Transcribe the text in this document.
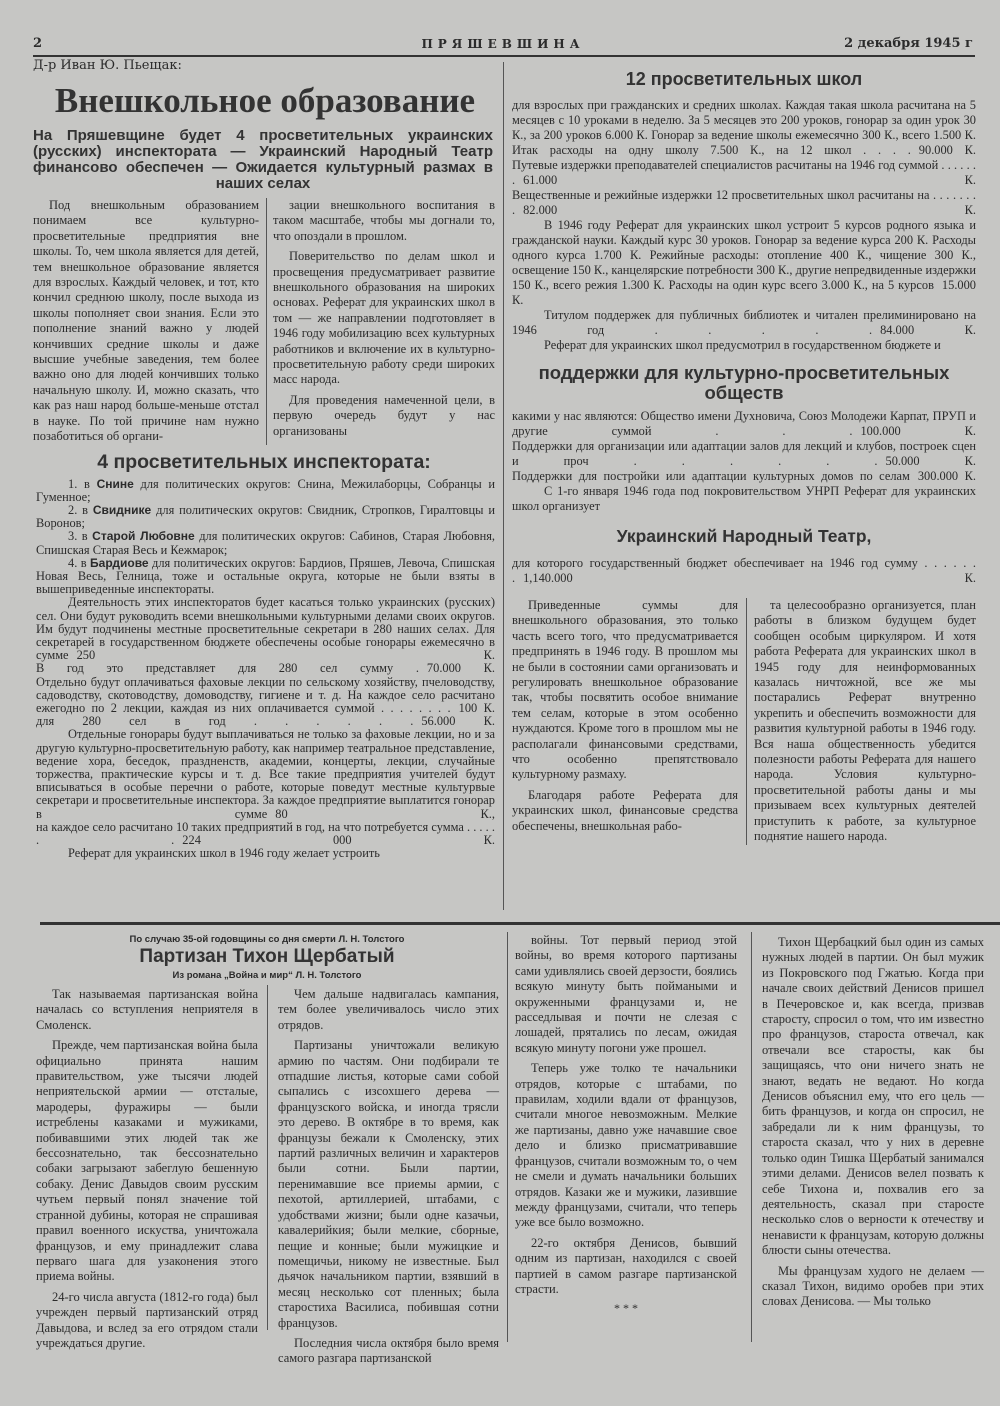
2	ПРЯШЕВШИНА	2 декабря 1945 г
Д-р Иван Ю. Пьещак:
Внешкольное образование
На Пряшевщине будет 4 просветительных украинских (русских) инспектората — Украинский Народный Театр финансово обеспечен — Ожидается культурный размах в наших селах

Под внешкольным образованием понимаем все культурно-просветительные предприятия вне школы. То, чем школа является для детей, тем внешкольное образование является для взрослых. Каждый человек, и тот, кто кончил среднюю школу, после выхода из школы пополняет свои знания. Если это пополнение знаний важно у людей кончивших средние школы и даже высшие учебные заведения, тем более важно оно для людей кончивших только начальную школу. И, можно сказать, что как раз наш народ больше-меньше отстал в науке. По той причине нам нужно позаботиться об органи-

зации внешкольного воспитания в таком масштабе, чтобы мы догнали то, что опоздали в прошлом.

Поверительство по делам школ и просвещения предусматривает развитие внешкольного образования на широких основах. Реферат для украинских школ в том — же направлении подготовляет в 1946 году мобилизацию всех культурных работников и включение их в культурно-просветительную работу среди широких масс народа.

Для проведения намеченной цели, в первую очередь будут у нас организованы

4 просветительных инспектората:
1. в Снине для политических округов: Снина, Межилаборцы, Собранцы и Гуменное;
2. в Свиднике для политических округов: Свидник, Стропков, Гиралтовцы и Воронов;
3. в Старой Любовне для политических округов: Сабинов, Старая Любовня, Спишская Старая Весь и Кежмарок;
4. в Бардиове для политических округов: Бардиов, Пряшев, Левоча, Спишская Новая Весь, Гелница, тоже и остальные округа, которые не были взяты в вышеприведенные инспектораты.
Деятельность этих инспекторатов будет касаться только украинских (русских) сел. Они будут руководить всеми внешкольными культурными делами своих округов. Им будут подчинены местные просветительные секретари в 280 наших селах. Для секретарей в государственном бюджете обеспечены особые гонорары ежемесячно в сумме 250 К.
В год это представляет для 280 сел сумму . 70.000 К.
Отдельно будут оплачиваться фаховые лекции по сельскому хозяйству, пчеловодству, садоводству, скотоводству, домоводству, гигиене и т. д. На каждое село расчитано ежегодно по 2 лекции, каждая из них оплачивается суммой . . . . . . . . 100 К.
для 280 сел в год . . . . . . 56.000 К.
Отдельные гонорары будут выплачиваться не только за фаховые лекции, но и за другую культурно-просветительную работу, как например театральное представление, ведение хора, беседок, праздненств, академии, концерты, лекции, случайные торжества, практические курсы и т. д. Все такие предприятия учителей будут вписываться в особые перечни о работе, которые поведут местные культурвые секретари и просветительные инспектора. За каждое предприятие выплатится гонорар в сумме 80 К.,
на каждое село расчитано 10 таких предприятий в год, на что потребуется сумма . . . . . . . 224 000 К.

Реферат для украинских школ в 1946 году желает устроить

12 просветительных школ
для взрослых при гражданских и средних школах. Каждая такая школа расчитана на 5 месяцев с 10 уроками в неделю. За 5 месяцев это 200 уроков, гонорар за один урок 30 К., за 200 уроков 6.000 К. Гонорар за ведение школы ежемесячно 300 К., всего 1.500 К. Итак расходы на одну школу 7.500 К., на 12 школ . . . . 90.000 К.
Путевые издержки преподавателей специалистов расчитаны на 1946 год суммой . . . . . . . 61.000 К.
Вещественные и режийные издержки 12 просветительных школ расчитаны на . . . . . . . . 82.000 К.
В 1946 году Реферат для украинских школ устроит 5 курсов родного языка и гражданской науки. Каждый курс 30 уроков. Гонорар за ведение курса 200 К. Расходы одного курса 1.700 К. Режийные расходы: отопление 400 К., чищение 300 К., освещение 150 К., канцелярские потребности 300 К., другие непредвиденные издержки 150 К., всего режия 1.300 К. Расходы на один курс всего 3.000 К., на 5 курсов 15.000 К.
Титулом поддержек для публичных библиотек и читален прелиминировано на 1946 год . . . . . 84.000 К.

Реферат для украинских школ предусмотрил в государственном бюджете и

поддержки для культурно-просветительных обществ
какими у нас являются: Общество имени Духновича, Союз Молодежи Карпат, ПРУП и другие суммой . . . 100.000 К.
Поддержки для организации или адаптации залов для лекций и клубов, построек сцен и проч . . . . . . 50.000 К.
Поддержки для постройки или адаптации культурных домов по селам 300.000 К.

С 1-го января 1946 года под покровительством УНРП Реферат для украинских школ организует

Украинский Народный Театр,
для которого государственный бюджет обеспечивает на 1946 год сумму . . . . . . . 1,140.000 К.

Приведенные суммы для внешкольного образования, это только часть всего того, что предусматривается предпринять в 1946 году. В прошлом мы не были в состоянии сами организовать и регулировать внешкольное образование так, чтобы посвятить особое внимание тем селам, которые в этом особенно нуждаются. Кроме того в прошлом мы не располагали финансовыми средствами, что особенно препятствовало культурному размаху.

Благодаря работе Реферата для украинских школ, финансовые средства обеспечены, внешкольная рабо-

та целесообразно организуется, план работы в близком будущем будет сообщен особым циркуляром. И хотя работа Реферата для украинских школ в 1945 году для неинформованных казалась ничтожной, все же мы постарались Реферат внутренно укрепить и обеспечить возможности для развития культурной работы в 1946 году. Вся наша общественность убедится полезности работы Реферата для нашего народа. Условия культурно-просветительной работы даны и мы призываем всех культурных деятелей приступить к работе, за культурное поднятие нашего народа.

По случаю 35-ой годовщины со дня смерти Л. Н. Толстого
Партизан Тихон Щербатый
Из романа „Война и мир“ Л. Н. Толстого

Так называемая партизанская война началась со вступления неприятеля в Смоленск.

Прежде, чем партизанская война была официально принята нашим правительством, уже тысячи людей неприятельской армии — отсталые, мародеры, фуражиры — были истреблены казаками и мужиками, побивавшими этих людей так же бессознательно, так бессознательно собаки загрызают забеглую бешенную собаку. Денис Давыдов своим русским чутьем первый понял значение той странной дубины, которая не спрашивая правил военного искуства, уничтожала французов, и ему принадлежит слава перваго шага для узаконения этого приема войны.

24-го числа августа (1812-го года) был учрежден первый партизанский отряд Давыдова, и вслед за его отрядом стали учреждаться другие.

Чем дальше надвигалась кампания, тем более увеличивалось число этих отрядов.

Партизаны уничтожали великую армию по частям. Они подбирали те отпадшие листья, которые сами собой сыпались с изсохшего дерева — французского войска, и иногда трясли это дерево. В октябре в то время, как французы бежали к Смоленску, этих партий различных величин и характеров были сотни. Были партии, перенимавшие все приемы армии, с пехотой, артиллерией, штабами, с удобствами жизни; были одне казачьи, кавалерийкия; были мелкие, сборные, пещие и конные; были мужицкие и помещичьи, никому не известные. Был дьячок начальником партии, взявший в месяц несколько сот пленных; была старостиха Василиса, побившая сотни французов.

Последния числа октября было время самого разгара партизанской

войны. Тот первый период этой войны, во время которого партизаны сами удивлялись своей дерзости, боялись всякую минуту быть поймаными и окруженными французами и, не расседлывая и почти не слезая с лошадей, прятались по лесам, ожидая всякую минуту погони уже прошел.

Теперь уже толко те начальники отрядов, которые с штабами, по правилам, ходили вдали от французов, считали многое невозможным. Мелкие же партизаны, давно уже начавшие свое дело и близко присматривавшие французов, считали возможным то, о чем не смели и думать начальники больших отрядов. Казаки же и мужики, лазившие между французами, считали, что теперь уже все было возможно.

22-го октября Денисов, бывший одним из партизан, находился с своей партией в самом разгаре партизанской страсти.

* * *

Тихон Щербацкий был один из самых нужных людей в партии. Он был мужик из Покровского под Гжатью. Когда при начале своих действий Денисов пришел в Печеровское и, как всегда, призвав старосту, спросил о том, что им известно про французов, староста отвечал, как отвечали все старосты, как бы защищаясь, что они ничего знать не знают, ведать не ведают. Но когда Денисов объяснил ему, что его цель — бить французов, и когда он спросил, не забредали ли к ним французы, то староста сказал, что у них в деревне только один Тишка Щербатый занимался этими делами. Денисов велел позвать к себе Тихона и, похвалив его за деятельность, сказал при старосте несколько слов о верности к отечеству и ненависти к французам, которую должны блюсти сыны отечества.

Мы французам худого не делаем — сказал Тихон, видимо оробев при этих словах Денисова. — Мы только
